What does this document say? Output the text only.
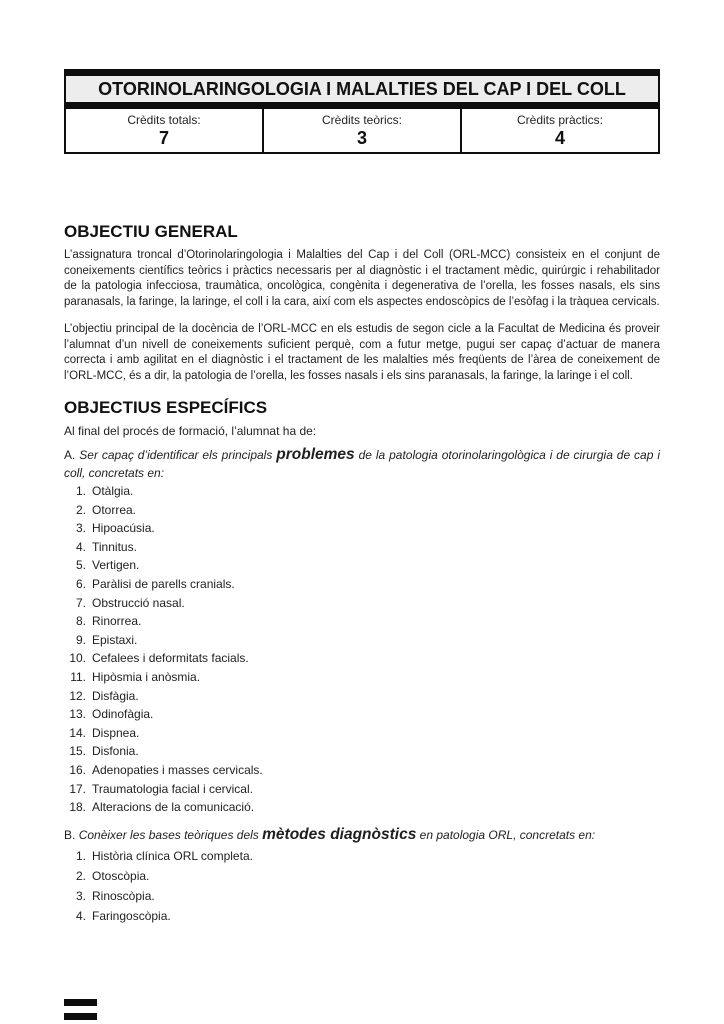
OTORINOLARINGOLOGIA I MALALTIES DEL CAP I DEL COLL
Crèdits totals:
7

Crèdits teòrics:
3

Crèdits pràctics:
4
OBJECTIU GENERAL

L’assignatura troncal d’Otorinolaringologia i Malalties del Cap i del Coll (ORL-MCC) consisteix en el conjunt de coneixements científics teòrics i pràctics necessaris per al diagnòstic i el tractament mèdic, quirúrgic i rehabilitador de la patologia infecciosa, traumàtica, oncològica, congènita i degenerativa de l’orella, les fosses nasals, els sins paranasals, la faringe, la laringe, el coll i la cara, així com els aspectes endoscòpics de l’esòfag i la tràquea cervicals.

L’objectiu principal de la docència de l’ORL-MCC en els estudis de segon cicle a la Facultat de Medicina és proveir l’alumnat d’un nivell de coneixements suficient perquè, com a futur metge, pugui ser capaç d’actuar de manera correcta i amb agilitat en el diagnòstic i el tractament de les malalties més freqüents de l’àrea de coneixement de l’ORL-MCC, és a dir, la patologia de l’orella, les fosses nasals i els sins paranasals, la faringe, la laringe i el coll.

OBJECTIUS ESPECÍFICS

Al final del procés de formació, l’alumnat ha de:

A. Ser capaç d’identificar els principals problemes de la patologia otorinolaringològica i de cirurgia de cap i coll, concretats en:

1. Otàlgia.
2. Otorrea.
3. Hipoacúsia.
4. Tinnitus.
5. Vertigen.
6. Paràlisi de parells cranials.
7. Obstrucció nasal.
8. Rinorrea.
9. Epistaxi.
10. Cefalees i deformitats facials.
11. Hipòsmia i anòsmia.
12. Disfàgia.
13. Odinofàgia.
14. Dispnea.
15. Disfonia.
16. Adenopaties i masses cervicals.
17. Traumatologia facial i cervical.
18. Alteracions de la comunicació.

B. Conèixer les bases teòriques dels mètodes diagnòstics en patologia ORL, concretats en:

1. Història clínica ORL completa.
2. Otoscòpia.
3. Rinoscòpia.
4. Faringoscòpia.
